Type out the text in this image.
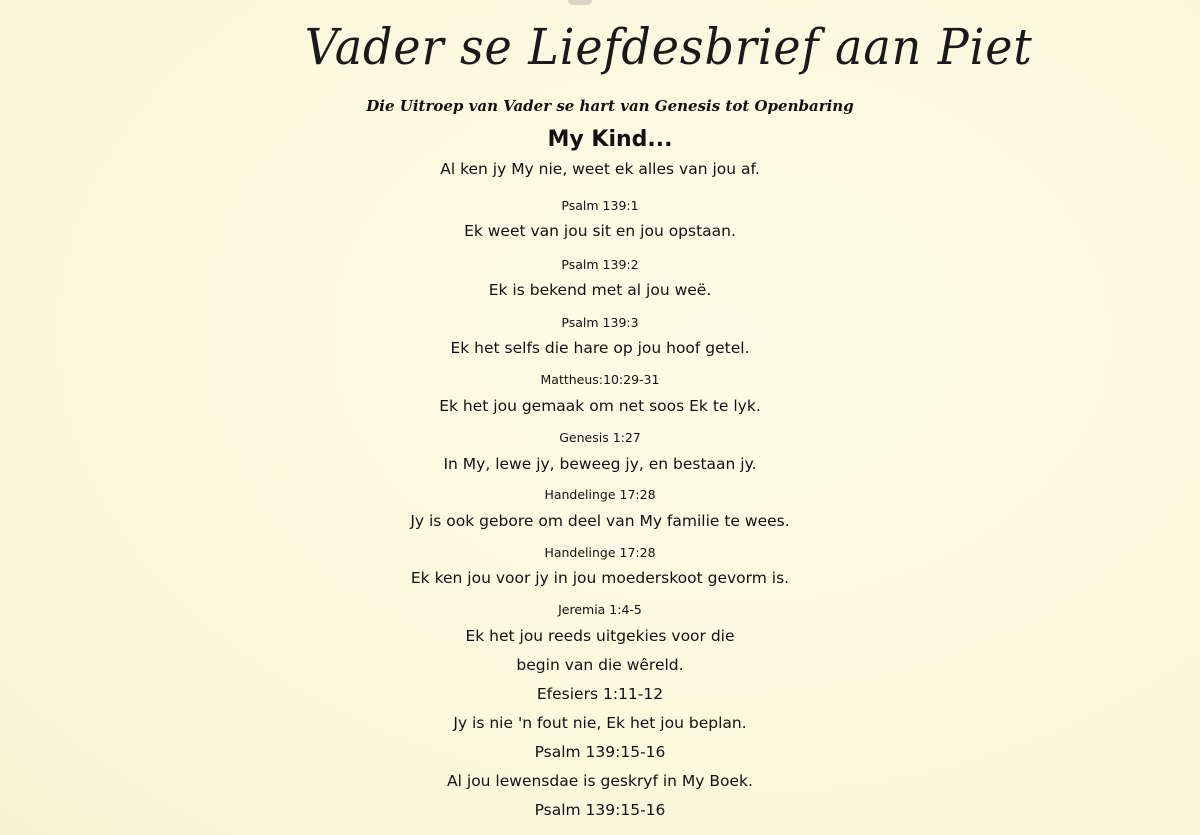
Vader se Liefdesbrief aan Piet
Die Uitroep van Vader se hart van Genesis tot Openbaring
My Kind...
Al ken jy My nie, weet ek alles van jou af.
Psalm 139:1
Ek weet van jou sit en jou opstaan.
Psalm 139:2
Ek is bekend met al jou weë.
Psalm 139:3
Ek het selfs die hare op jou hoof getel.
Mattheus:10:29-31
Ek het jou gemaak om net soos Ek te lyk.
Genesis 1:27
In My, lewe jy, beweeg jy, en bestaan jy.
Handelinge 17:28
Jy is ook gebore om deel van My familie te wees.
Handelinge 17:28
Ek ken jou voor jy in jou moederskoot gevorm is.
Jeremia 1:4-5
Ek het jou reeds uitgekies voor die
begin van die wêreld.
Efesiers 1:11-12
Jy is nie 'n fout nie, Ek het jou beplan.
Psalm 139:15-16
Al jou lewensdae is geskryf in My Boek.
Psalm 139:15-16
